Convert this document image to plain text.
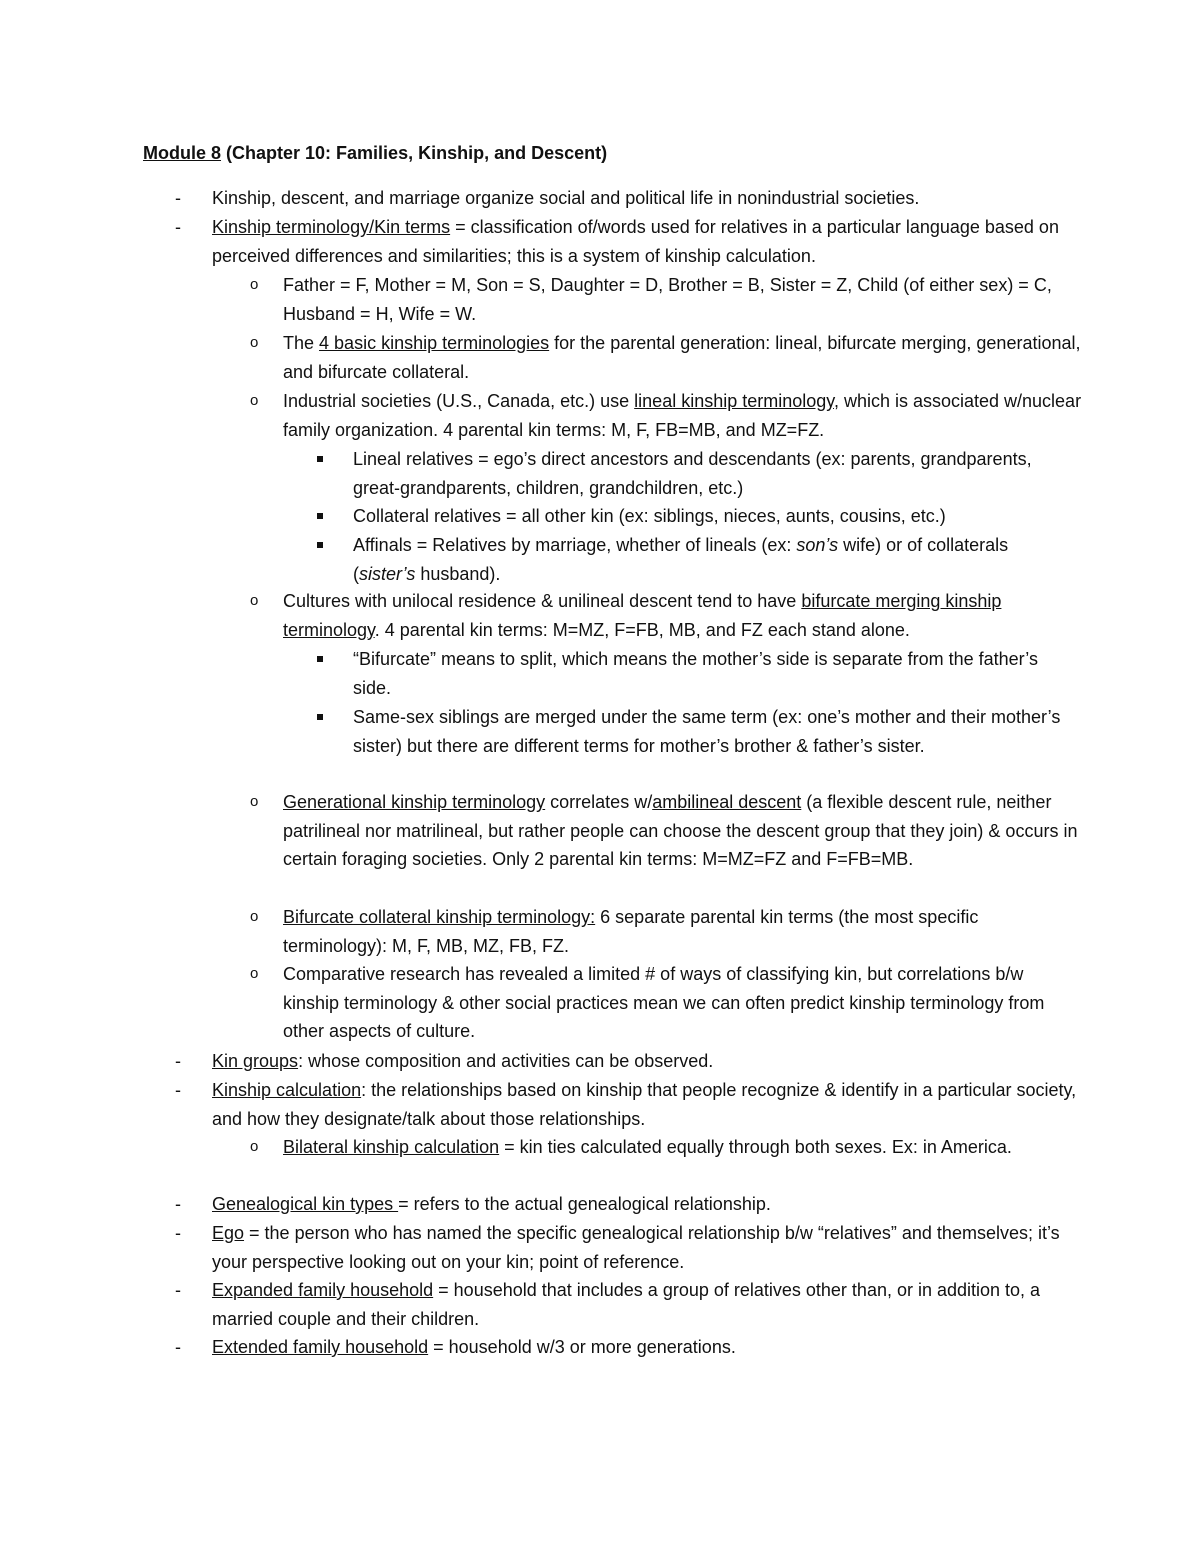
Module 8 (Chapter 10: Families, Kinship, and Descent)
-	Kinship, descent, and marriage organize social and political life in nonindustrial societies.
-	Kinship terminology/Kin terms = classification of/words used for relatives in a particular language based on perceived differences and similarities; this is a system of kinship calculation.
o	Father = F, Mother = M, Son = S, Daughter = D, Brother = B, Sister = Z, Child (of either sex) = C, Husband = H, Wife = W.
o	The 4 basic kinship terminologies for the parental generation: lineal, bifurcate merging, generational, and bifurcate collateral.
o	Industrial societies (U.S., Canada, etc.) use lineal kinship terminology, which is associated w/nuclear family organization. 4 parental kin terms: M, F, FB=MB, and MZ=FZ.
Lineal relatives = ego’s direct ancestors and descendants (ex: parents, grandparents, great-grandparents, children, grandchildren, etc.)
Collateral relatives = all other kin (ex: siblings, nieces, aunts, cousins, etc.)
Affinals = Relatives by marriage, whether of lineals (ex: son’s wife) or of collaterals (sister’s husband).
o	Cultures with unilocal residence & unilineal descent tend to have bifurcate merging kinship terminology. 4 parental kin terms: M=MZ, F=FB, MB, and FZ each stand alone.
“Bifurcate” means to split, which means the mother’s side is separate from the father’s side.
Same-sex siblings are merged under the same term (ex: one’s mother and their mother’s sister) but there are different terms for mother’s brother & father’s sister.
o	Generational kinship terminology correlates w/ambilineal descent (a flexible descent rule, neither patrilineal nor matrilineal, but rather people can choose the descent group that they join) & occurs in certain foraging societies. Only 2 parental kin terms: M=MZ=FZ and F=FB=MB.
o	Bifurcate collateral kinship terminology: 6 separate parental kin terms (the most specific terminology): M, F, MB, MZ, FB, FZ.
o	Comparative research has revealed a limited # of ways of classifying kin, but correlations b/w kinship terminology & other social practices mean we can often predict kinship terminology from other aspects of culture.
-	Kin groups: whose composition and activities can be observed.
-	Kinship calculation: the relationships based on kinship that people recognize & identify in a particular society, and how they designate/talk about those relationships.
o	Bilateral kinship calculation = kin ties calculated equally through both sexes. Ex: in America.
-	Genealogical kin types = refers to the actual genealogical relationship.
-	Ego = the person who has named the specific genealogical relationship b/w “relatives” and themselves; it’s your perspective looking out on your kin; point of reference.
-	Expanded family household = household that includes a group of relatives other than, or in addition to, a married couple and their children.
-	Extended family household = household w/3 or more generations.
